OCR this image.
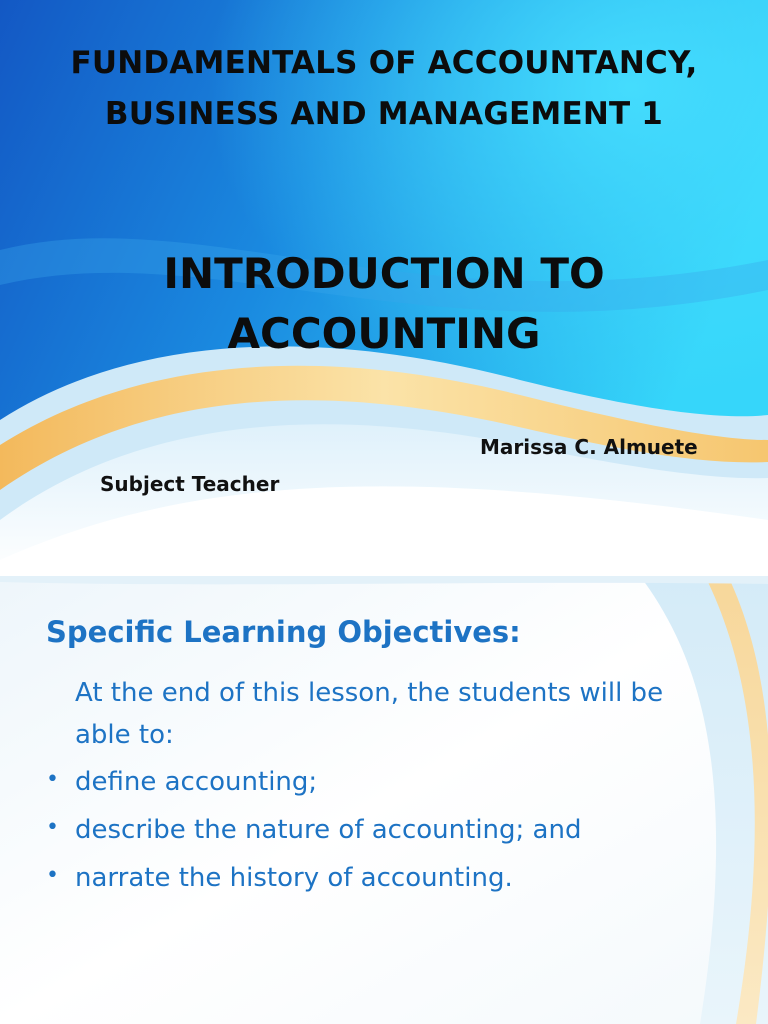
FUNDAMENTALS OF ACCOUNTANCY, BUSINESS AND MANAGEMENT 1
INTRODUCTION TO ACCOUNTING
Marissa C. Almuete
Subject Teacher
Specific Learning Objectives:

At the end of this lesson, the students will be able to:

• define accounting;
• describe the nature of accounting; and
• narrate the history of accounting.
